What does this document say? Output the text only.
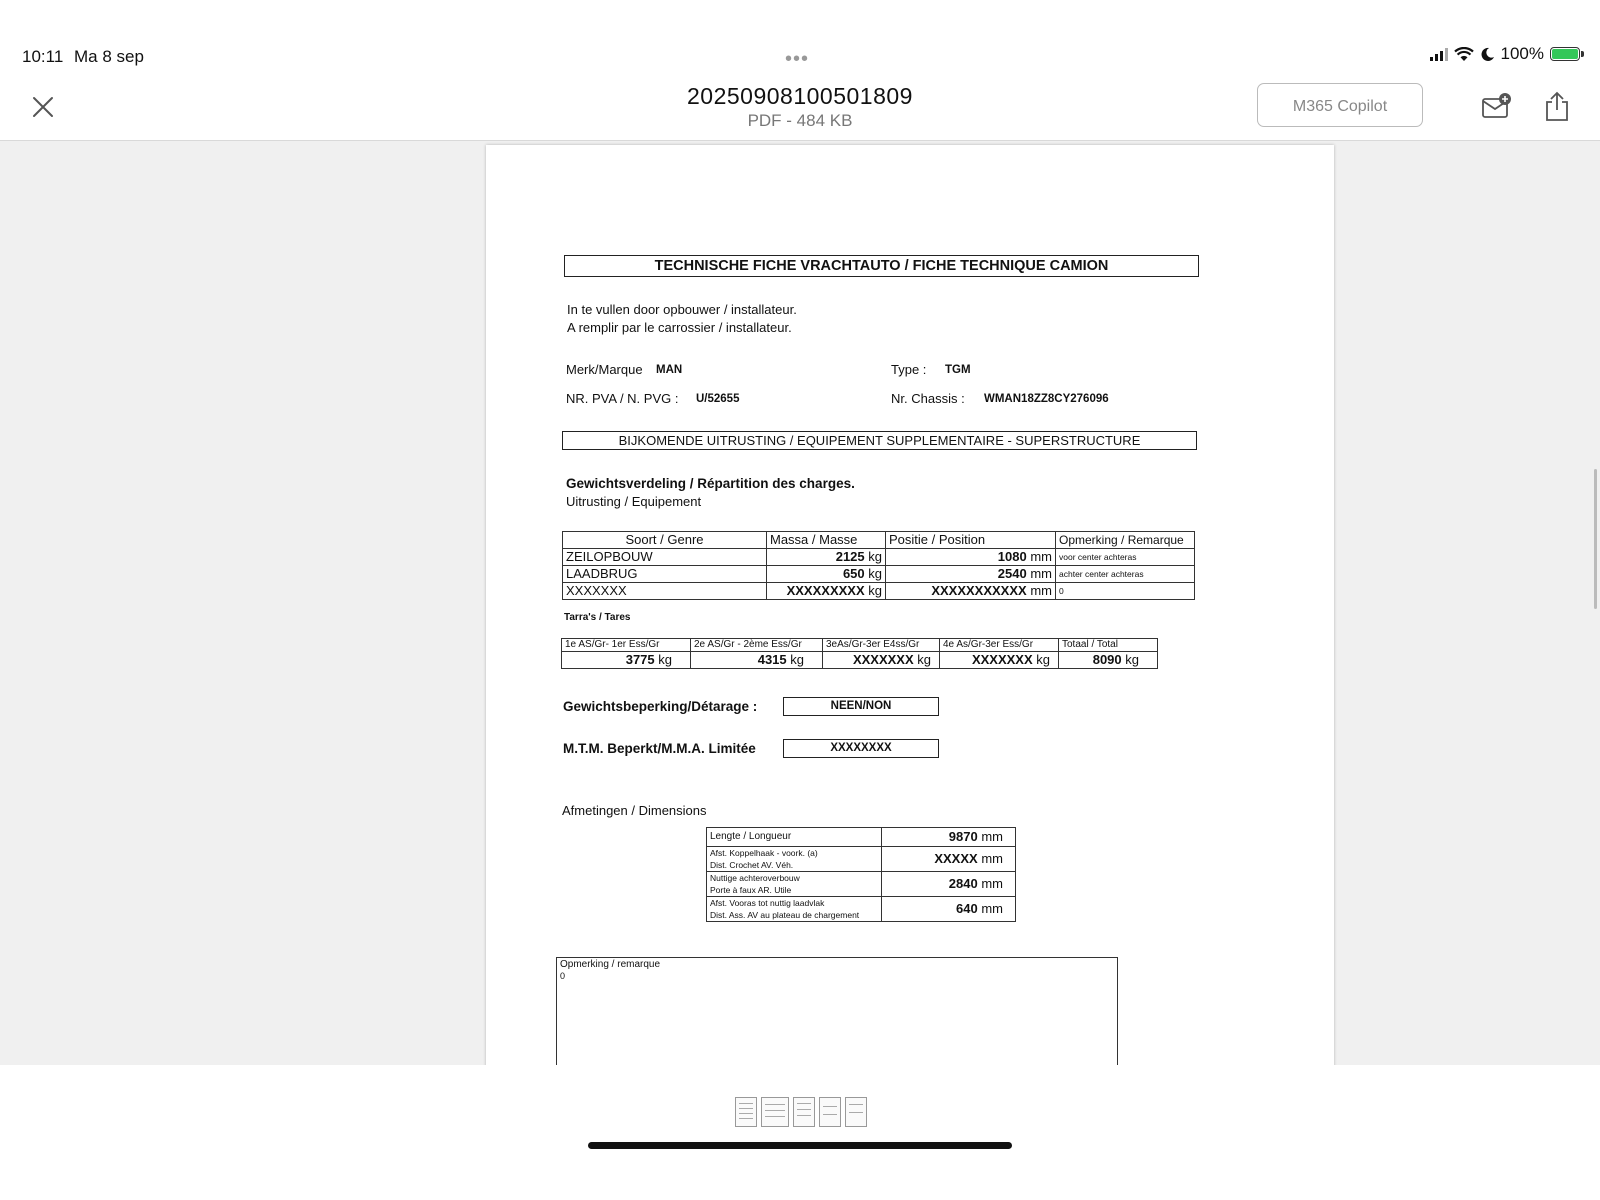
10:11 Ma 8 sep	•••	100%
20250908100501809
PDF - 484 KB
M365 Copilot
TECHNISCHE FICHE VRACHTAUTO / FICHE TECHNIQUE CAMION
In te vullen door opbouwer / installateur.
A remplir par le carrossier / installateur.
Merk/Marque MAN	Type : TGM
NR. PVA / N. PVG : U/52655	Nr. Chassis : WMAN18ZZ8CY276096
BIJKOMENDE UITRUSTING / EQUIPEMENT SUPPLEMENTAIRE - SUPERSTRUCTURE
Gewichtsverdeling / Répartition des charges.
Uitrusting / Equipement
Soort / Genre	Massa / Masse	Positie / Position	Opmerking / Remarque
ZEILOPBOUW	2125 kg	1080 mm	voor center achteras
LAADBRUG	650 kg	2540 mm	achter center achteras
XXXXXXX	XXXXXXXXX kg	XXXXXXXXXXX mm	0
Tarra's / Tares
1e AS/Gr- 1er Ess/Gr	2e AS/Gr - 2ème Ess/Gr	3eAs/Gr-3er E4ss/Gr	4e As/Gr-3er Ess/Gr	Totaal / Total
3775 kg	4315 kg	XXXXXXX kg	XXXXXXX kg	8090 kg
Gewichtsbeperking/Détarage :	NEEN/NON
M.T.M. Beperkt/M.M.A. Limitée	XXXXXXXX
Afmetingen / Dimensions
Lengte / Longueur	9870 mm

Afst. Koppelhaak - voork. (a)
Dist. Crochet AV. Véh.	XXXXX mm

Nuttige achteroverbouw
Porte à faux AR. Utile	2840 mm

Afst. Vooras tot nuttig laadvlak
Dist. Ass. AV au plateau de chargement	640 mm
Opmerking / remarque
0
